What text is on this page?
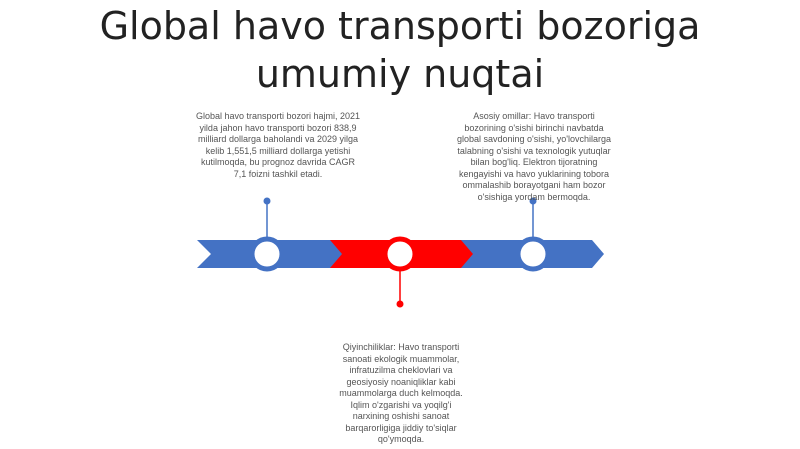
Global havo transporti bozoriga umumiy nuqtai
Global havo transporti bozori hajmi, 2021 yilda jahon havo transporti bozori 838,9 milliard dollarga baholandi va 2029 yilga kelib 1,551,5 milliard dollarga yetishi kutilmoqda, bu prognoz davrida CAGR 7,1 foizni tashkil etadi.
Asosiy omillar: Havo transporti bozorining o'sishi birinchi navbatda global savdoning o'sishi, yo'lovchilarga talabning o'sishi va texnologik yutuqlar bilan bog'liq. Elektron tijoratning kengayishi va havo yuklarining tobora ommalashib borayotgani ham bozor o'sishiga yordam bermoqda.
Qiyinchiliklar: Havo transporti sanoati ekologik muammolar, infratuzilma cheklovlari va geosiyosiy noaniqliklar kabi muammolarga duch kelmoqda. Iqlim o'zgarishi va yoqilg'i narxining oshishi sanoat barqarorligiga jiddiy to'siqlar qo'ymoqda.
